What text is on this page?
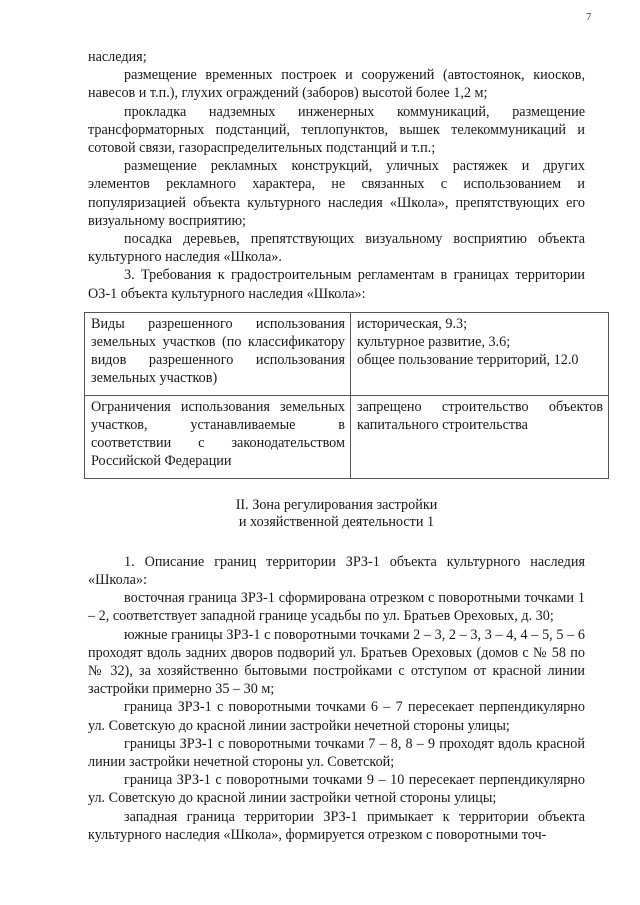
7

наследия;

размещение временных построек и сооружений (автостоянок, киосков, навесов и т.п.), глухих ограждений (заборов) высотой более 1,2 м;

прокладка надземных инженерных коммуникаций, размещение трансформаторных подстанций, теплопунктов, вышек телекоммуникаций и сотовой связи, газораспределительных подстанций и т.п.;

размещение рекламных конструкций, уличных растяжек и других элементов рекламного характера, не связанных с использованием и популяризацией объекта культурного наследия «Школа», препятствующих его визуальному восприятию;

посадка деревьев, препятствующих визуальному восприятию объекта культурного наследия «Школа».

3. Требования к градостроительным регламентам в границах территории ОЗ-1 объекта культурного наследия «Школа»:

Виды разрешенного использования земельных участков (по классификатору видов разрешенного использования земельных участков)	историческая, 9.3;
культурное развитие, 3.6;
общее пользование территорий, 12.0

Ограничения использования земельных участков, устанавливаемые в соответствии с законодательством Российской Федерации	запрещено строительство объектов капитального строительства
II. Зона регулирования застройки
и хозяйственной деятельности 1

1. Описание границ территории ЗРЗ-1 объекта культурного наследия «Школа»:

восточная граница ЗРЗ-1 сформирована отрезком с поворотными точками 1 – 2, соответствует западной границе усадьбы по ул. Братьев Ореховых, д. 30;

южные границы ЗРЗ-1 с поворотными точками 2 – 3, 2 – 3, 3 – 4, 4 – 5, 5 – 6 проходят вдоль задних дворов подворий ул. Братьев Ореховых (домов с № 58 по № 32), за хозяйственно бытовыми постройками с отступом от красной линии застройки примерно 35 – 30 м;

граница ЗРЗ-1 с поворотными точками 6 – 7 пересекает перпендикулярно ул. Советскую до красной линии застройки нечетной стороны улицы;

границы ЗРЗ-1 с поворотными точками 7 – 8, 8 – 9 проходят вдоль красной линии застройки нечетной стороны ул. Советской;

граница ЗРЗ-1 с поворотными точками 9 – 10 пересекает перпендикулярно ул. Советскую до красной линии застройки четной стороны улицы;

западная граница территории ЗРЗ-1 примыкает к территории объекта культурного наследия «Школа», формируется отрезком с поворотными точ-
